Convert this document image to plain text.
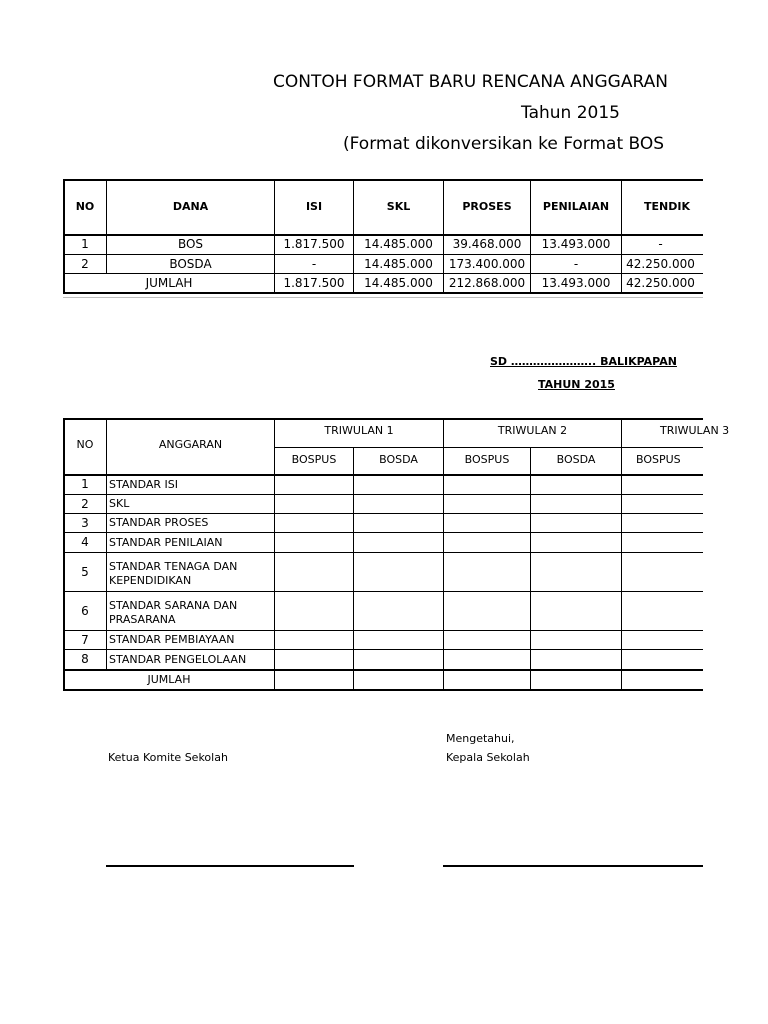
CONTOH FORMAT BARU RENCANA ANGGARAN
Tahun 2015
(Format dikonversikan ke Format BOS
NO	DANA	ISI	SKL	PROSES	PENILAIAN	TENDIK
1	BOS	1.817.500	14.485.000	39.468.000	13.493.000	-
2	BOSDA	-	14.485.000	173.400.000	-	42.250.000
JUMLAH	1.817.500	14.485.000	212.868.000	13.493.000	42.250.000
SD ………………….. BALIKPAPAN
TAHUN 2015
NO	ANGGARAN
TRIWULAN 1	TRIWULAN 2	TRIWULAN 3
BOSPUS	BOSDA	BOSPUS	BOSDA	BOSPUS
1	STANDAR ISI
2	SKL
3	STANDAR PROSES
4	STANDAR PENILAIAN
5	STANDAR TENAGA DAN
KEPENDIDIKAN
6	STANDAR SARANA DAN
PRASARANA
7	STANDAR PEMBIAYAAN
8	STANDAR PENGELOLAAN
JUMLAH
Ketua Komite Sekolah
Mengetahui,
Kepala Sekolah
